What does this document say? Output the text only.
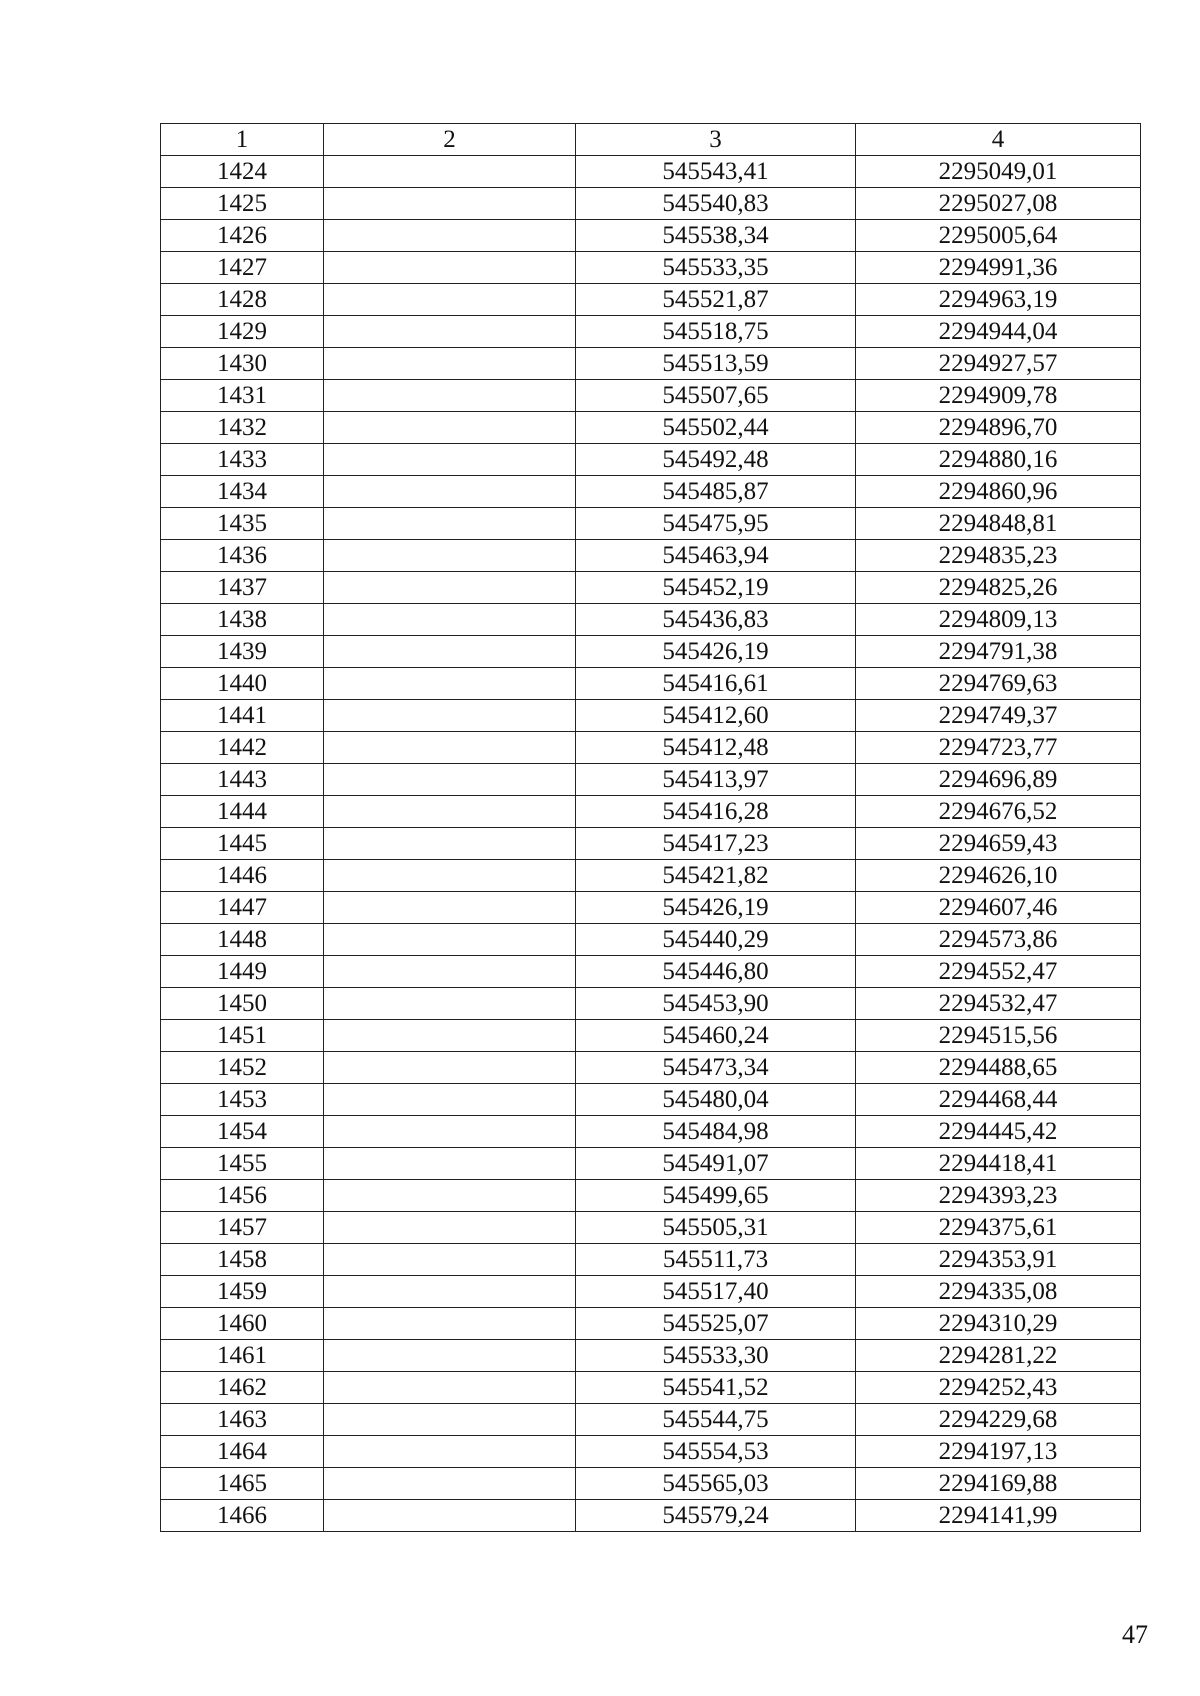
1	2	3	4
1424		545543,41	2295049,01
1425		545540,83	2295027,08
1426		545538,34	2295005,64
1427		545533,35	2294991,36
1428		545521,87	2294963,19
1429		545518,75	2294944,04
1430		545513,59	2294927,57
1431		545507,65	2294909,78
1432		545502,44	2294896,70
1433		545492,48	2294880,16
1434		545485,87	2294860,96
1435		545475,95	2294848,81
1436		545463,94	2294835,23
1437		545452,19	2294825,26
1438		545436,83	2294809,13
1439		545426,19	2294791,38
1440		545416,61	2294769,63
1441		545412,60	2294749,37
1442		545412,48	2294723,77
1443		545413,97	2294696,89
1444		545416,28	2294676,52
1445		545417,23	2294659,43
1446		545421,82	2294626,10
1447		545426,19	2294607,46
1448		545440,29	2294573,86
1449		545446,80	2294552,47
1450		545453,90	2294532,47
1451		545460,24	2294515,56
1452		545473,34	2294488,65
1453		545480,04	2294468,44
1454		545484,98	2294445,42
1455		545491,07	2294418,41
1456		545499,65	2294393,23
1457		545505,31	2294375,61
1458		545511,73	2294353,91
1459		545517,40	2294335,08
1460		545525,07	2294310,29
1461		545533,30	2294281,22
1462		545541,52	2294252,43
1463		545544,75	2294229,68
1464		545554,53	2294197,13
1465		545565,03	2294169,88
1466		545579,24	2294141,99
47
